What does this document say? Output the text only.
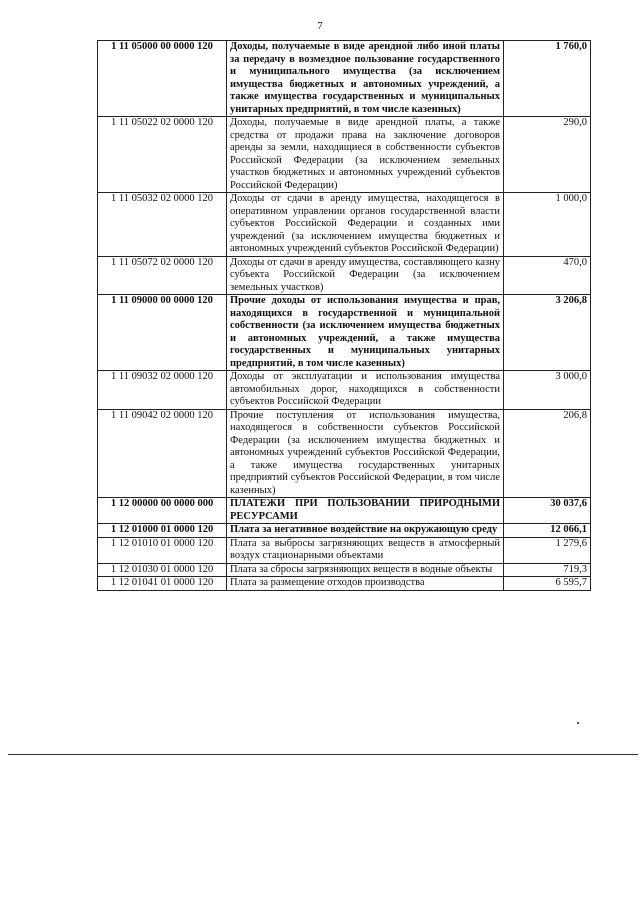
7
1 11 05000 00 0000 120	Доходы, получаемые в виде арендной либо иной платы за передачу в возмездное пользование государственного и муниципального имущества (за исключением имущества бюджетных и автономных учреждений, а также имущества государственных и муниципальных унитарных предприятий, в том числе казенных)	1 760,0
1 11 05022 02 0000 120	Доходы, получаемые в виде арендной платы, а также средства от продажи права на заключение договоров аренды за земли, находящиеся в собственности субъектов Российской Федерации (за исключением земельных участков бюджетных и автономных учреждений субъектов Российской Федерации)	290,0
1 11 05032 02 0000 120	Доходы от сдачи в аренду имущества, находящегося в оперативном управлении органов государственной власти субъектов Российской Федерации и созданных ими учреждений (за исключением имущества бюджетных и автономных учреждений субъектов Российской Федерации)	1 000,0
1 11 05072 02 0000 120	Доходы от сдачи в аренду имущества, составляющего казну субъекта Российской Федерации (за исключением земельных участков)	470,0
1 11 09000 00 0000 120	Прочие доходы от использования имущества и прав, находящихся в государственной и муниципальной собственности (за исключением имущества бюджетных и автономных учреждений, а также имущества государственных и муниципальных унитарных предприятий, в том числе казенных)	3 206,8
1 11 09032 02 0000 120	Доходы от эксплуатации и использования имущества автомобильных дорог, находящихся в собственности субъектов Российской Федерации	3 000,0
1 11 09042 02 0000 120	Прочие поступления от использования имущества, находящегося в собственности субъектов Российской Федерации (за исключением имущества бюджетных и автономных учреждений субъектов Российской Федерации, а также имущества государственных унитарных предприятий субъектов Российской Федерации, в том числе казенных)	206,8
1 12 00000 00 0000 000	ПЛАТЕЖИ ПРИ ПОЛЬЗОВАНИИ ПРИРОДНЫМИ РЕСУРСАМИ	30 037,6
1 12 01000 01 0000 120	Плата за негативное воздействие на окружающую среду	12 066,1
1 12 01010 01 0000 120	Плата за выбросы загрязняющих веществ в атмосферный воздух стационарными объектами	1 279,6
1 12 01030 01 0000 120	Плата за сбросы загрязняющих веществ в водные объекты	719,3
1 12 01041 01 0000 120	Плата за размещение отходов производства	6 595,7
